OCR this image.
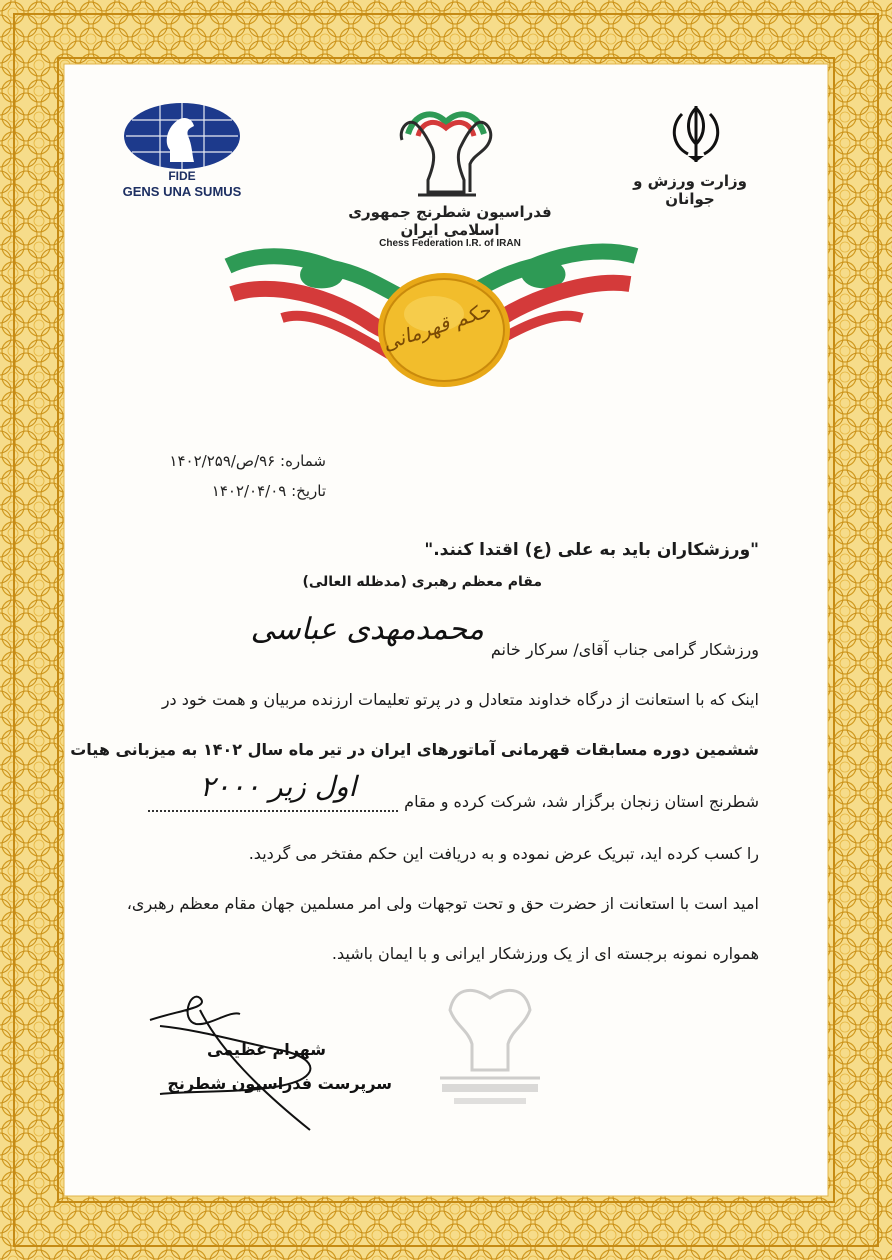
FIDE
GENS UNA SUMUS
فدراسیون شطرنج جمهوری اسلامی ایران
Chess Federation I.R. of IRAN
وزارت ورزش و جوانان
حکم قهرمانی
شماره: ۹۶/ص/۱۴۰۲/۲۵۹
تاریخ: ۱۴۰۲/۰۴/۰۹
"ورزشکاران باید به علی (ع) اقتدا کنند."
مقام معظم رهبری (مدظله العالی)
ورزشکار گرامی جناب آقای/ سرکار خانم
محمدمهدی عباسی
اینک که با استعانت از درگاه خداوند متعادل و در پرتو تعلیمات ارزنده مربیان و همت خود در
ششمین دوره مسابقات قهرمانی آماتورهای ایران در تیر ماه سال ۱۴۰۲ به میزبانی هیات
شطرنج استان زنجان برگزار شد، شرکت کرده و مقام
اول زیر ۲۰۰۰
را کسب کرده اید، تبریک عرض نموده و به دریافت این حکم مفتخر می گردید.
امید است با استعانت از حضرت حق و تحت توجهات ولی امر مسلمین جهان مقام معظم رهبری،
همواره نمونه برجسته ای از یک ورزشکار ایرانی و با ایمان باشید.
شهرام عظیمی
سرپرست فدراسیون شطرنج
